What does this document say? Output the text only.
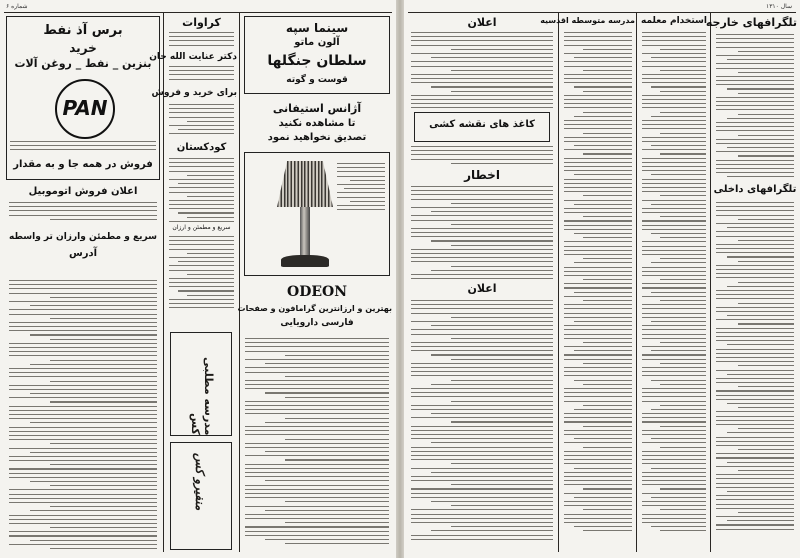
شماره ۶
برس آذ نفط
خرید
بنزین _ نفط _ روغن آلات
PAN
فروش در همه جا و به مقدار
اعلان فروش اتوموبیل
سریع و مطمئن وارزان تر واسطه
آدرس
کراوات
دکتر عنایت الله خان
برای خرید و فروش
کودکستان
سریع و مطمئن و ارزان
مدرسه مطلبی کس
منفیرو کس
سینما سپه
آلون ماتو
سلطان جنگلها
قوست و گوته
آژانس استیفانی
تا مشاهده نکنید
تصدیق نخواهید نمود
ODEON
بهترین و ارزانترین گرامافون و صفحات
فارسی دارویایی
سال ۱۳۱۰
تلگرافهای خارجه
تلگرافهای داخلی
استخدام معلمه
مدرسه متوسطه اقدسیه
اعلان
کاغذ های نقشه کشی
اخطار
اعلان
